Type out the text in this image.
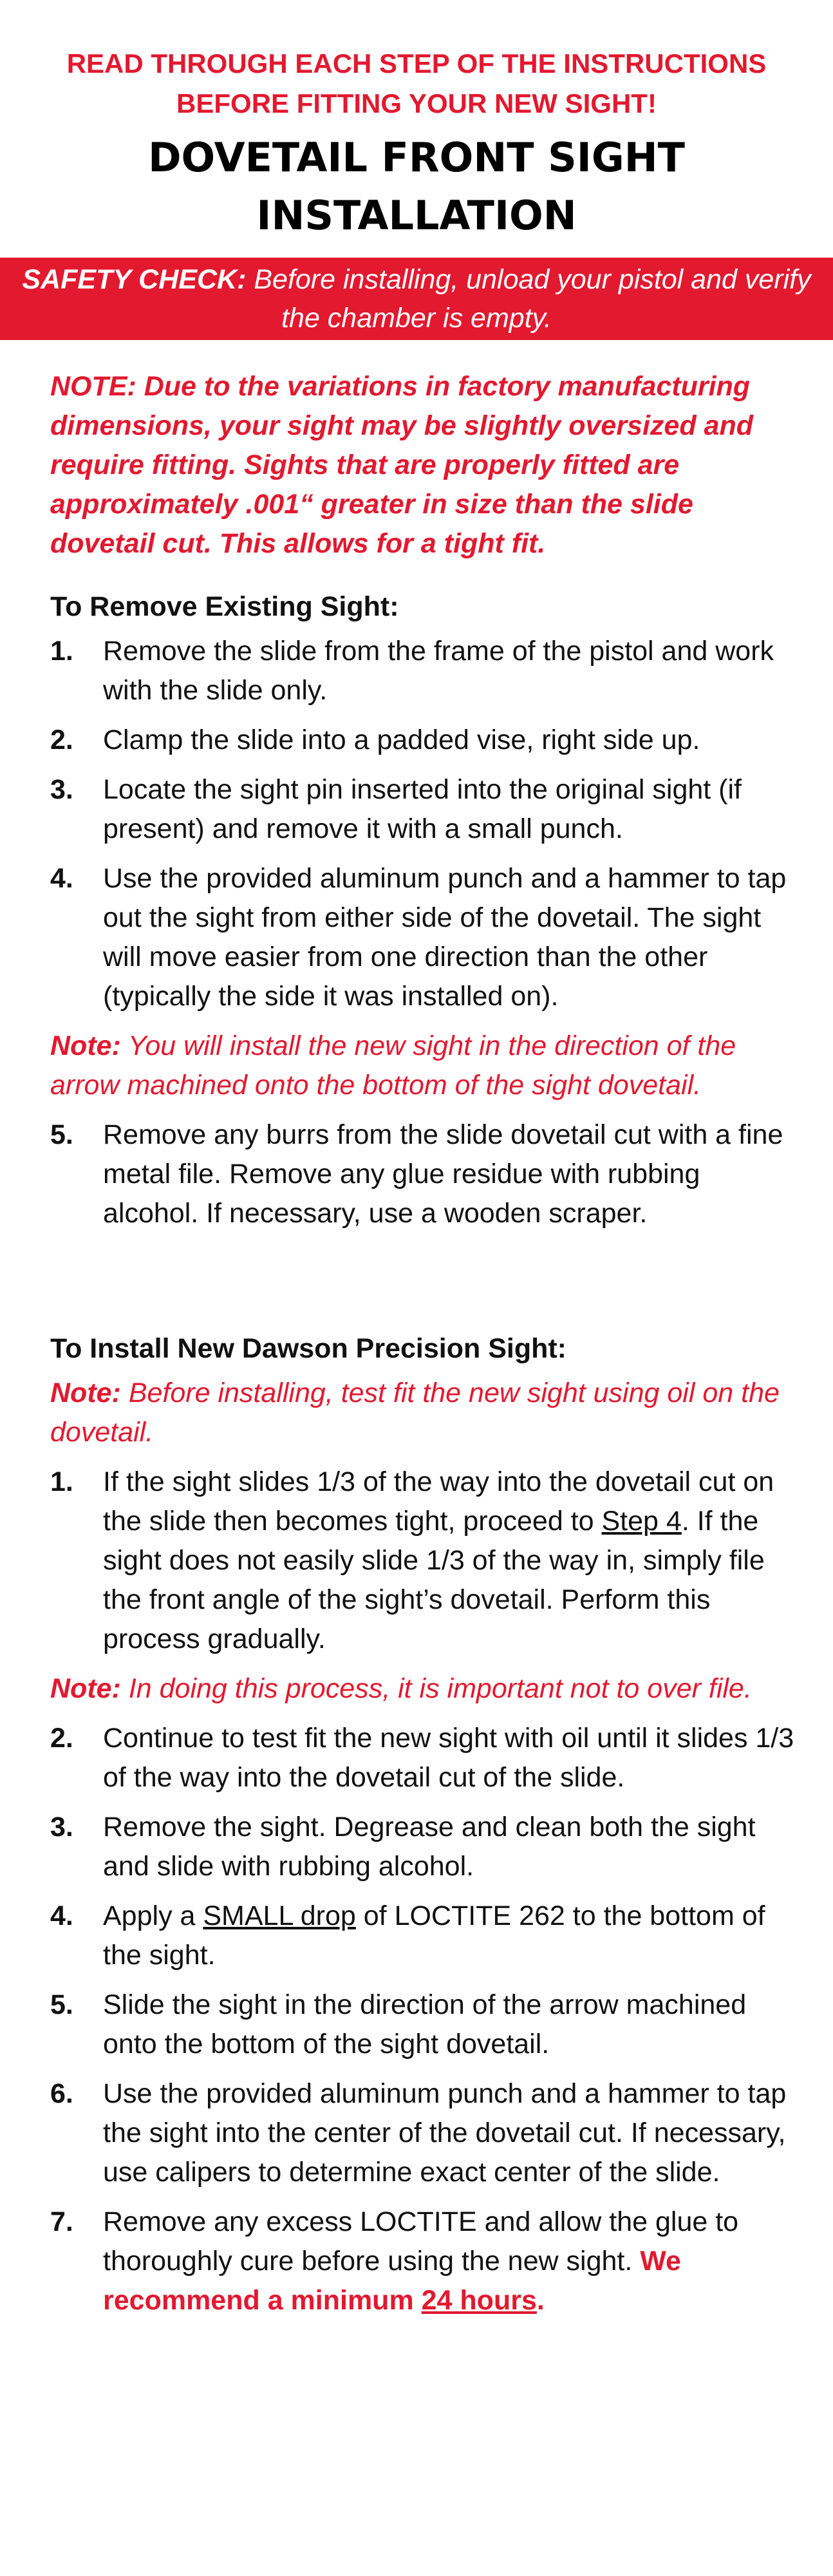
READ THROUGH EACH STEP OF THE INSTRUCTIONS
BEFORE FITTING YOUR NEW SIGHT!
DOVETAIL FRONT SIGHT
INSTALLATION
SAFETY CHECK: Before installing, unload your pistol and verify
the chamber is empty.
NOTE: Due to the variations in factory manufacturing dimensions, your sight may be slightly oversized and require fitting. Sights that are properly fitted are approximately .001“ greater in size than the slide dovetail cut. This allows for a tight fit.
To Remove Existing Sight:
1.	Remove the slide from the frame of the pistol and work with the slide only.
2.	Clamp the slide into a padded vise, right side up.
3.	Locate the sight pin inserted into the original sight (if present) and remove it with a small punch.
4.	Use the provided aluminum punch and a hammer to tap out the sight from either side of the dovetail. The sight will move easier from one direction than the other (typically the side it was installed on).
Note: You will install the new sight in the direction of the arrow machined onto the bottom of the sight dovetail.
5.	Remove any burrs from the slide dovetail cut with a fine metal file. Remove any glue residue with rubbing alcohol. If necessary, use a wooden scraper.
To Install New Dawson Precision Sight:
Note: Before installing, test fit the new sight using oil on the dovetail.
1.	If the sight slides 1/3 of the way into the dovetail cut on the slide then becomes tight, proceed to Step 4. If the sight does not easily slide 1/3 of the way in, simply file the front angle of the sight’s dovetail. Perform this process gradually.
Note: In doing this process, it is important not to over file.
2.	Continue to test fit the new sight with oil until it slides 1/3 of the way into the dovetail cut of the slide.
3.	Remove the sight. Degrease and clean both the sight and slide with rubbing alcohol.
4.	Apply a SMALL drop of LOCTITE 262 to the bottom of the sight.
5.	Slide the sight in the direction of the arrow machined onto the bottom of the sight dovetail.
6.	Use the provided aluminum punch and a hammer to tap the sight into the center of the dovetail cut. If necessary, use calipers to determine exact center of the slide.
7.	Remove any excess LOCTITE and allow the glue to thoroughly cure before using the new sight. We recommend a minimum 24 hours.
